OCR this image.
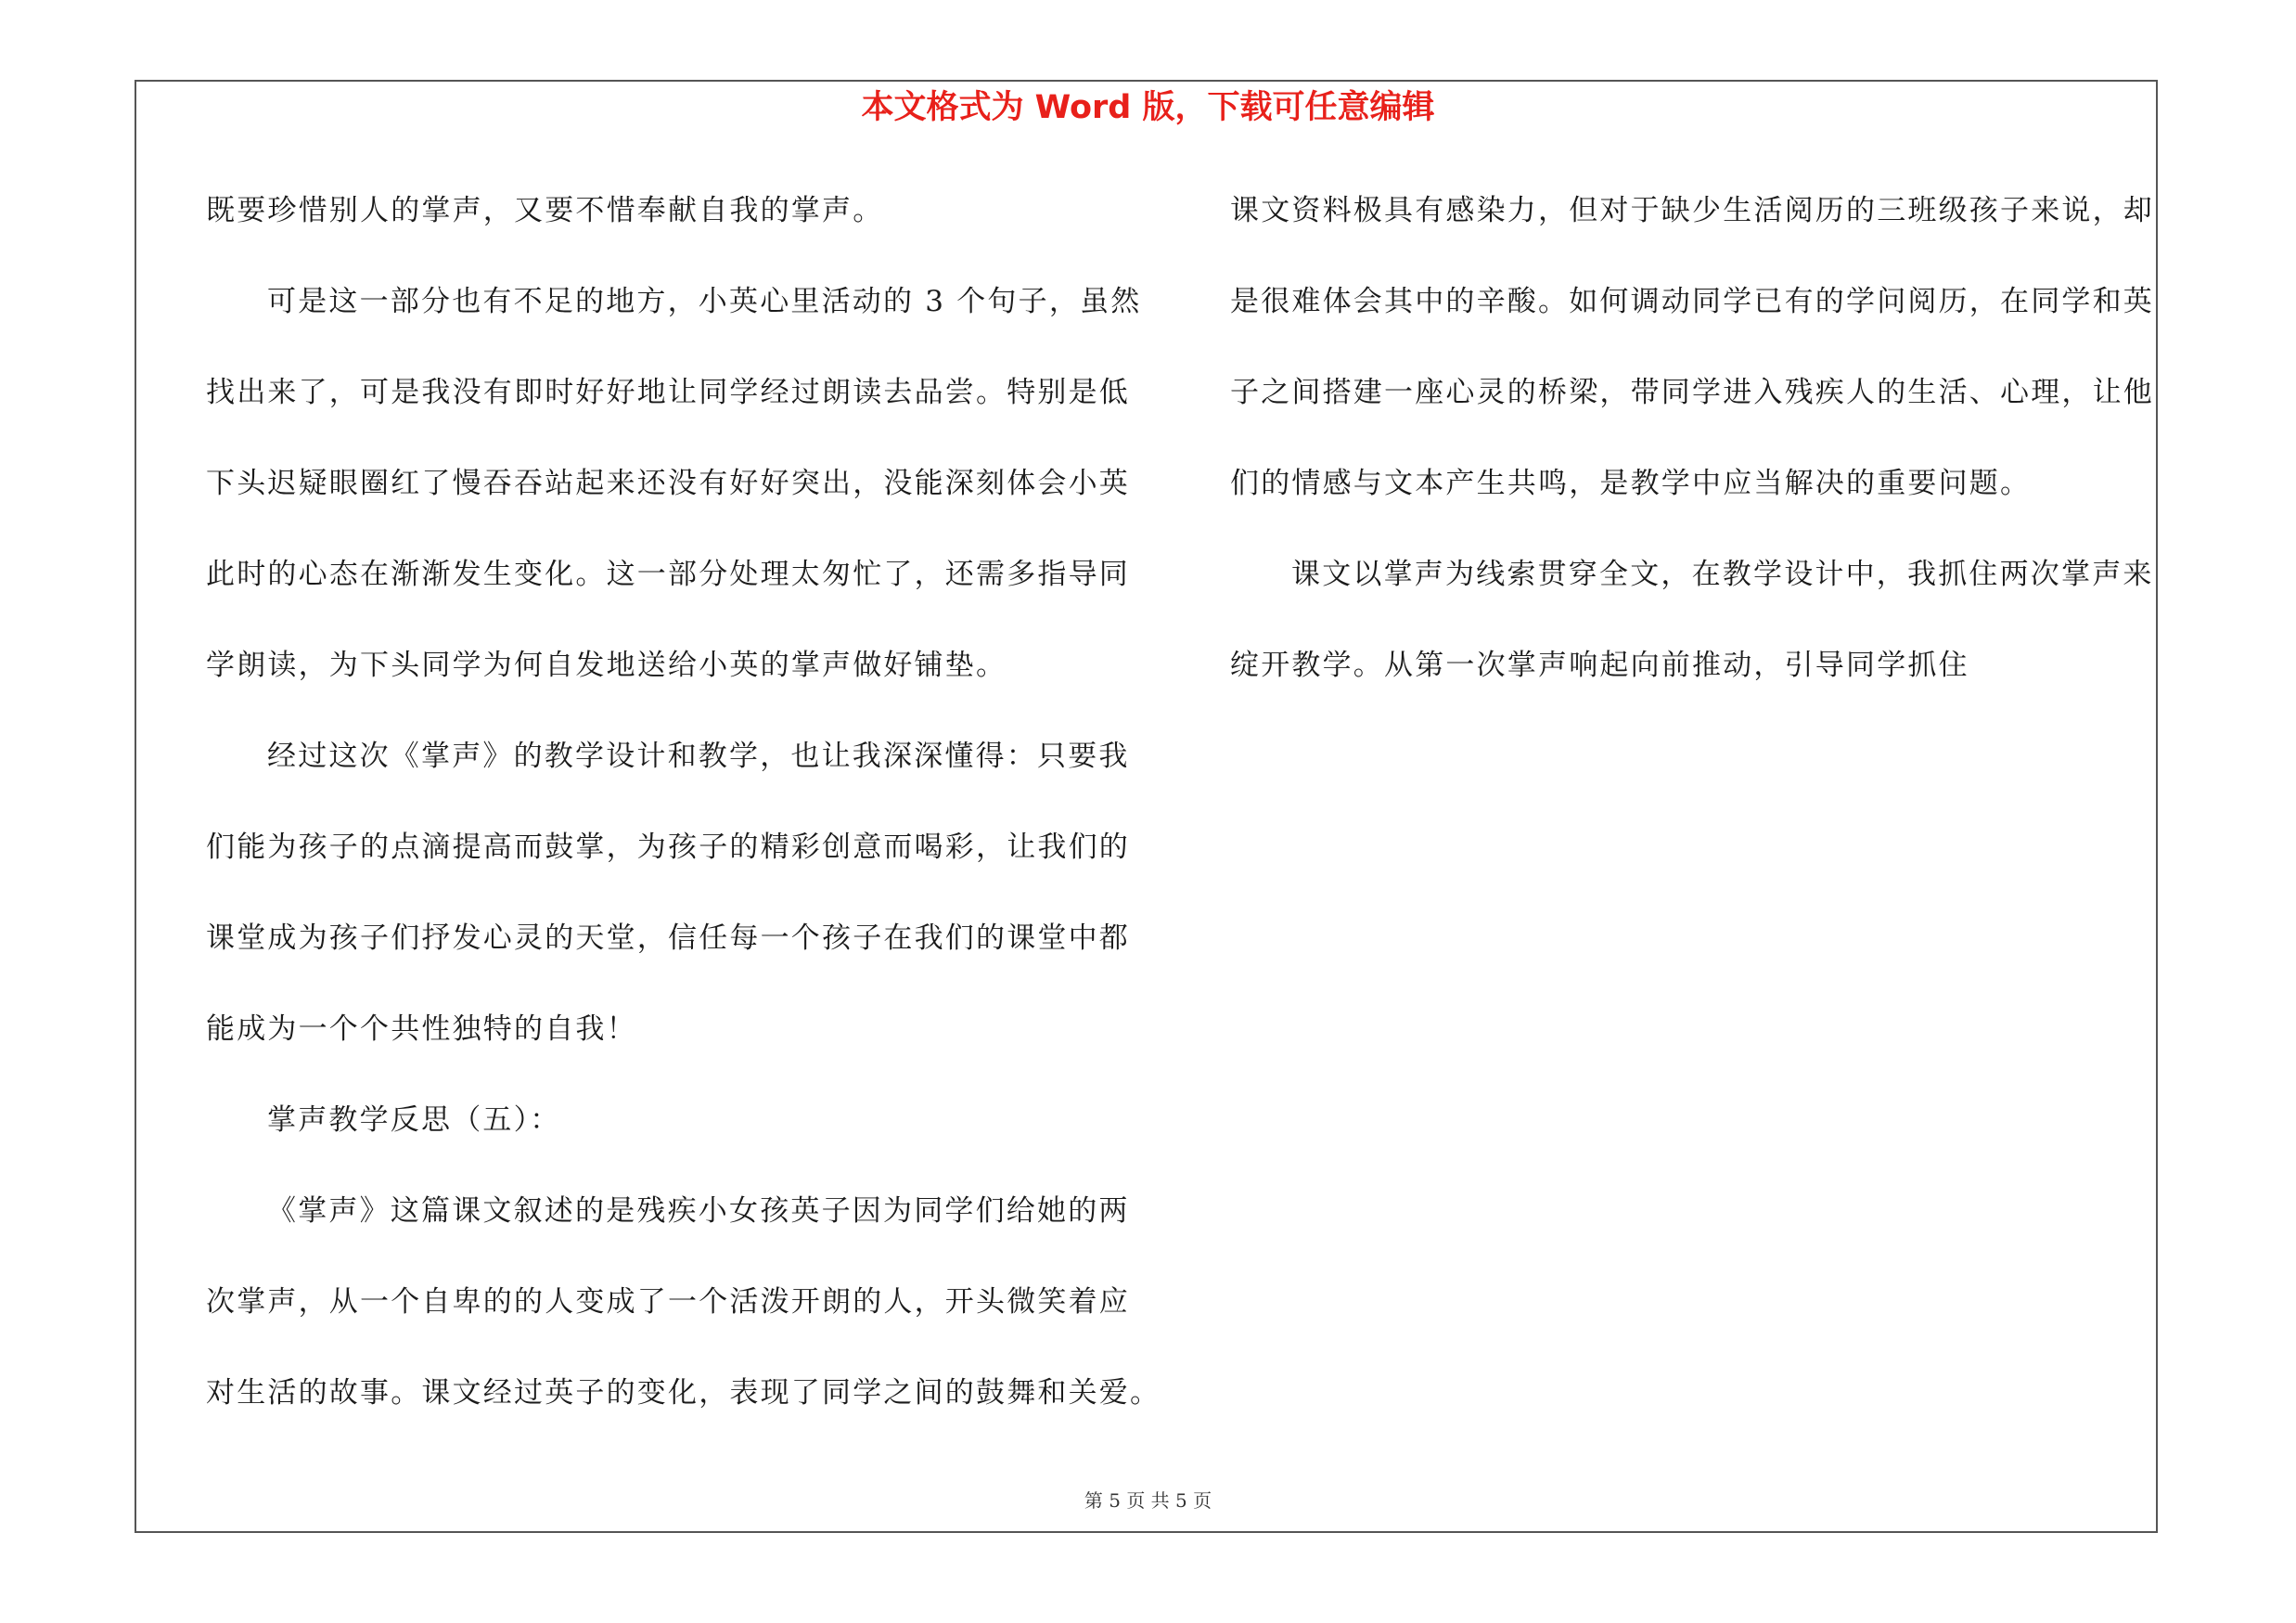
本文格式为 Word 版，下载可任意编辑
既要珍惜别人的掌声，又要不惜奉献自我的掌声。
可是这一部分也有不足的地方，小英心里活动的 3 个句子，虽然
找出来了，可是我没有即时好好地让同学经过朗读去品尝。特别是低
下头迟疑眼圈红了慢吞吞站起来还没有好好突出，没能深刻体会小英
此时的心态在渐渐发生变化。这一部分处理太匆忙了，还需多指导同
学朗读，为下头同学为何自发地送给小英的掌声做好铺垫。
经过这次《掌声》的教学设计和教学，也让我深深懂得：只要我
们能为孩子的点滴提高而鼓掌，为孩子的精彩创意而喝彩，让我们的
课堂成为孩子们抒发心灵的天堂，信任每一个孩子在我们的课堂中都
能成为一个个共性独特的自我！
掌声教学反思（五）：
《掌声》这篇课文叙述的是残疾小女孩英子因为同学们给她的两
次掌声，从一个自卑的的人变成了一个活泼开朗的人，开头微笑着应
对生活的故事。课文经过英子的变化，表现了同学之间的鼓舞和关爱。
课文资料极具有感染力，但对于缺少生活阅历的三班级孩子来说，却
是很难体会其中的辛酸。如何调动同学已有的学问阅历，在同学和英
子之间搭建一座心灵的桥梁，带同学进入残疾人的生活、心理，让他
们的情感与文本产生共鸣，是教学中应当解决的重要问题。
课文以掌声为线索贯穿全文，在教学设计中，我抓住两次掌声来
绽开教学。从第一次掌声响起向前推动，引导同学抓住
第 5 页 共 5 页
